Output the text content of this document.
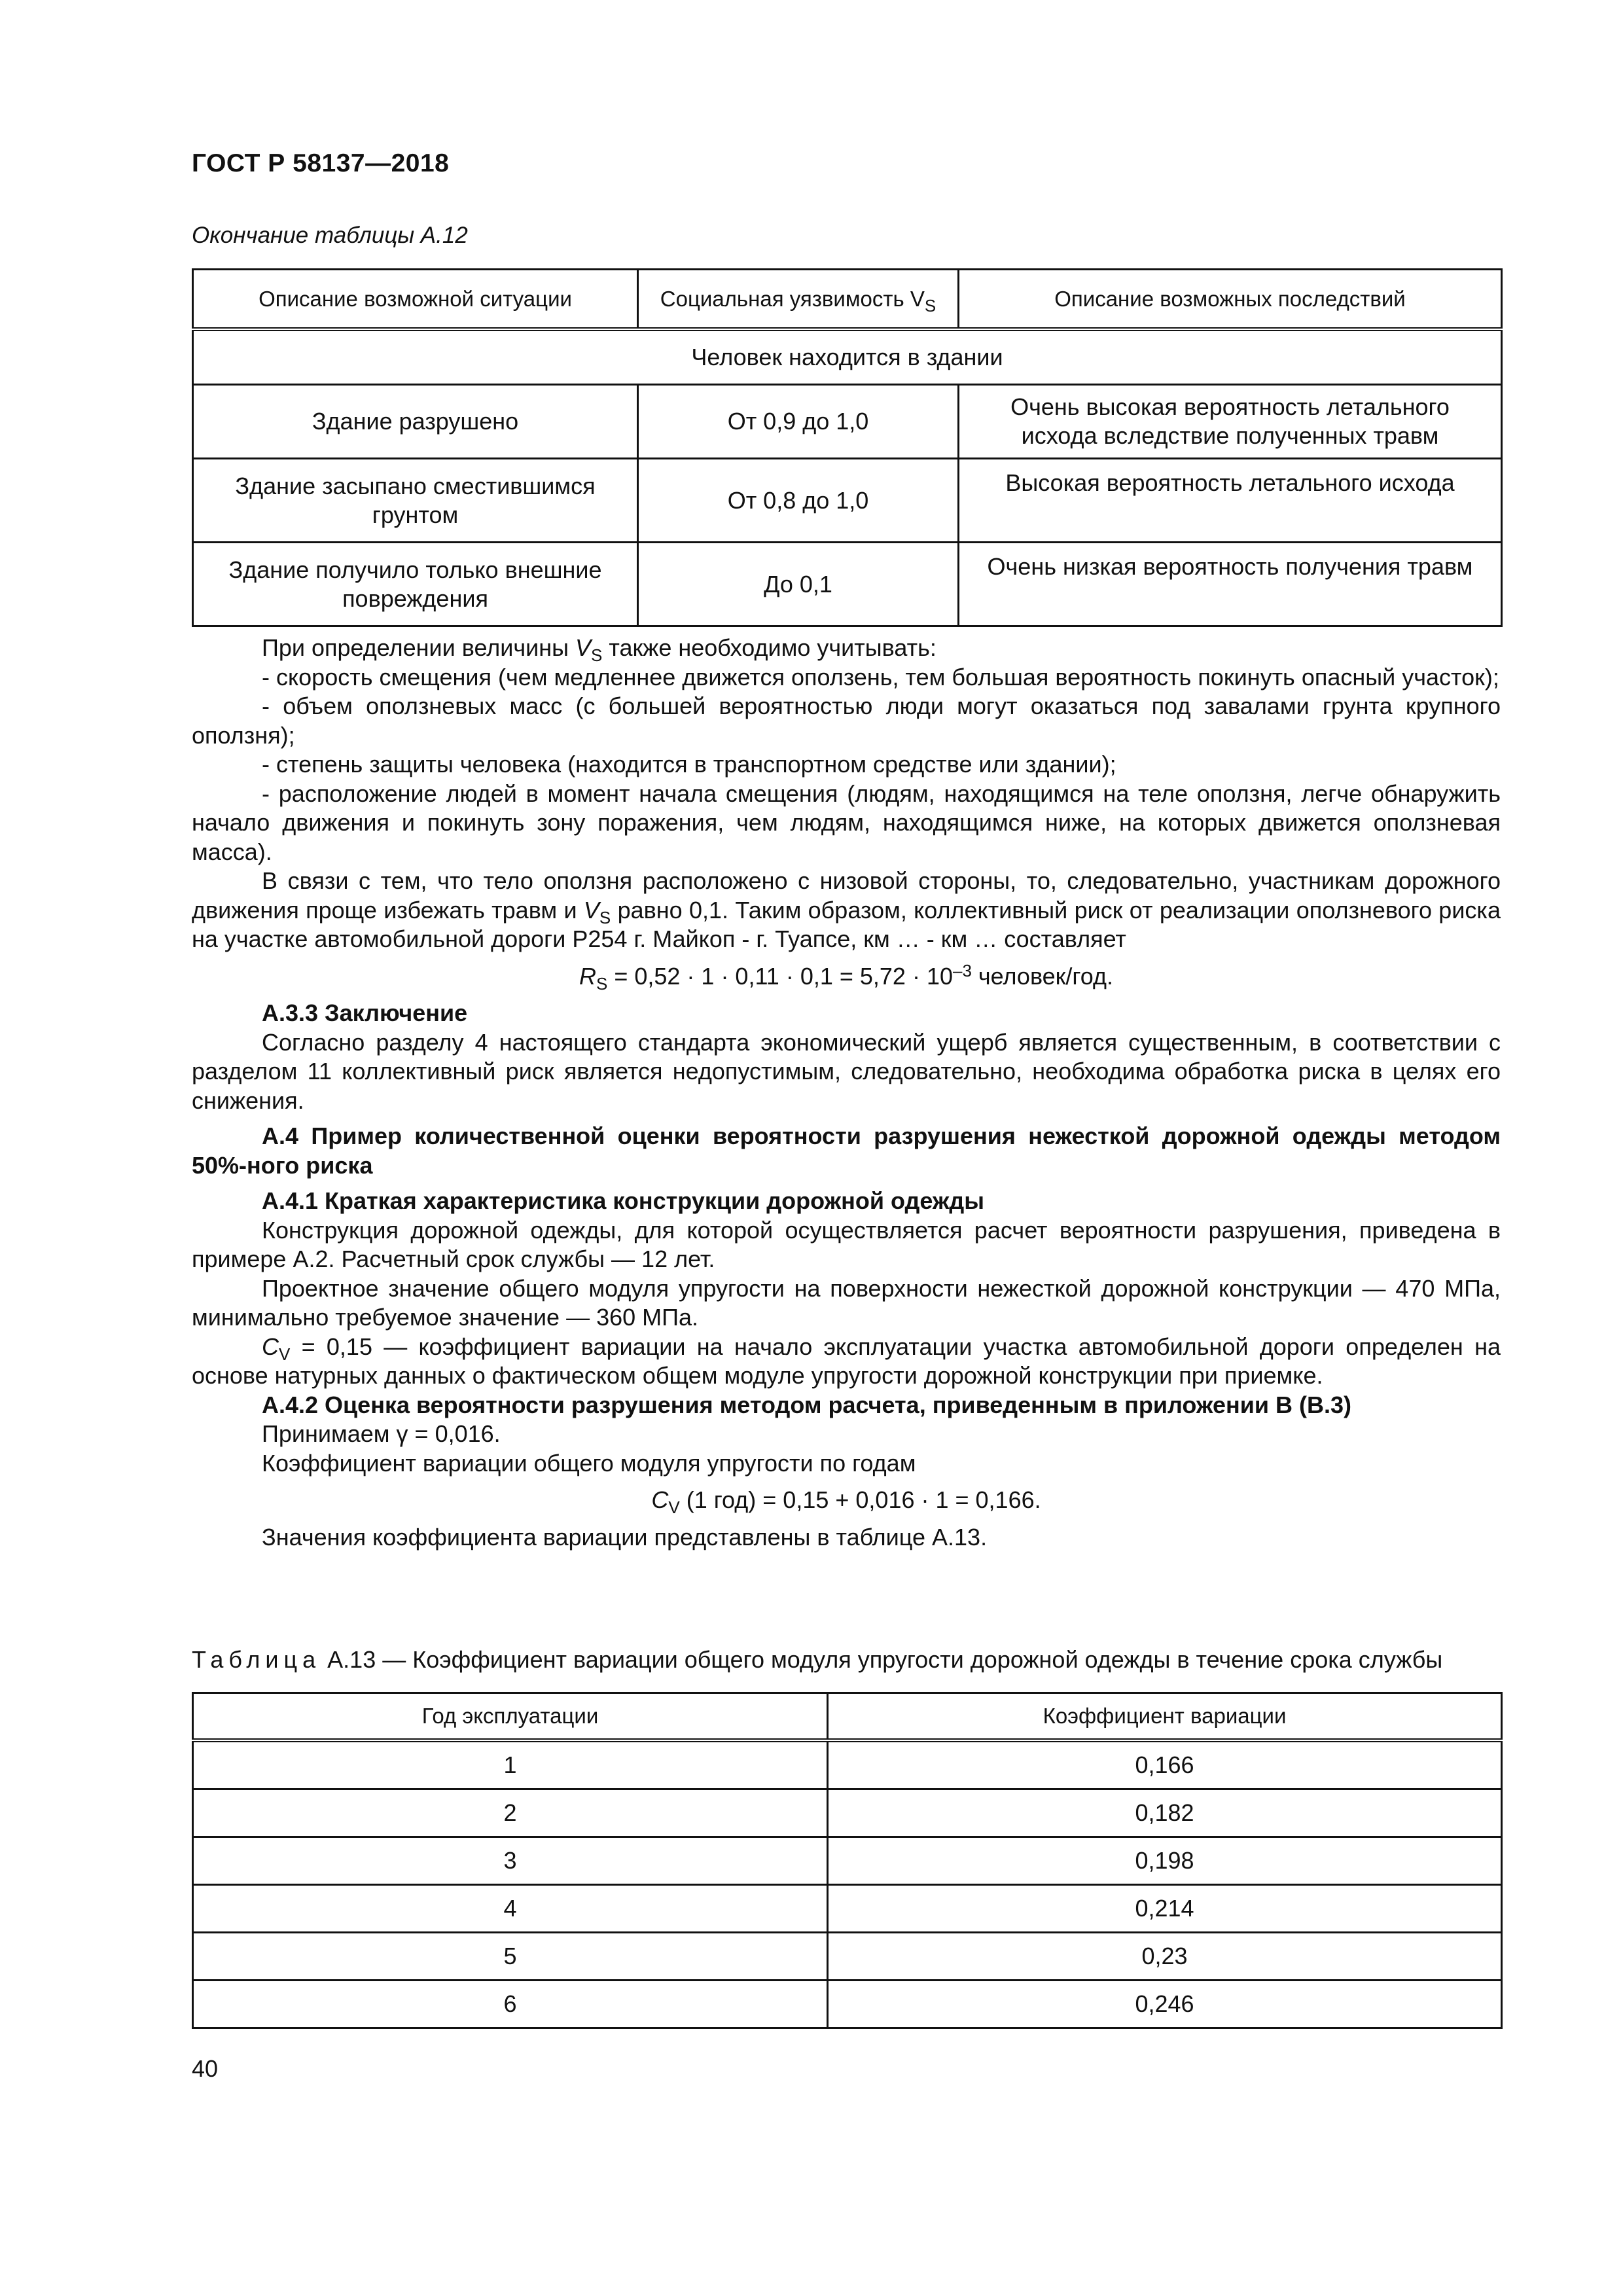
ГОСТ Р 58137—2018
Окончание таблицы А.12
Описание возможной ситуации	Социальная уязвимость $V_S$	Описание возможных последствий
Человек находится в здании		
Здание разрушено	От 0,9 до 1,0	Очень высокая вероятность летального исхода вследствие полученных травм
Здание засыпано сместившимся грунтом	От 0,8 до 1,0	Высокая вероятность летального исхода
Здание получило только внешние повреждения	До 0,1	Очень низкая вероятность получения травм

При определении величины $V_S$ также необходимо учитывать:

- скорость смещения (чем медленнее движется оползень, тем большая вероятность покинуть опасный участок);

- объем оползневых масс (с большей вероятностью люди могут оказаться под завалами грунта крупного оползня);

- степень защиты человека (находится в транспортном средстве или здании);

- расположение людей в момент начала смещения (людям, находящимся на теле оползня, легче обнаружить начало движения и покинуть зону поражения, чем людям, находящимся ниже, на которых движется оползневая масса).

В связи с тем, что тело оползня расположено с низовой стороны, то, следовательно, участникам дорожного движения проще избежать травм и $V_S$ равно 0,1. Таким образом, коллективный риск от реализации оползневого риска на участке автомобильной дороги Р254 г. Майкоп - г. Туапсе, км … - км … составляет

$R_S = 0,52 \cdot 1 \cdot 0,11 \cdot 0,1 = 5,72 \cdot 10^{-3}$ человек/год.

А.3.3 Заключение

Согласно разделу 4 настоящего стандарта экономический ущерб является существенным, в соответствии с разделом 11 коллективный риск является недопустимым, следовательно, необходима обработка риска в целях его снижения.

А.4 Пример количественной оценки вероятности разрушения нежесткой дорожной одежды методом 50%-ного риска

А.4.1 Краткая характеристика конструкции дорожной одежды

Конструкция дорожной одежды, для которой осуществляется расчет вероятности разрушения, приведена в примере А.2. Расчетный срок службы — 12 лет.

Проектное значение общего модуля упругости на поверхности нежесткой дорожной конструкции — 470 МПа, минимально требуемое значение — 360 МПа.

$C_V = 0,15$ — коэффициент вариации на начало эксплуатации участка автомобильной дороги определен на основе натурных данных о фактическом общем модуле упругости дорожной конструкции при приемке.

А.4.2 Оценка вероятности разрушения методом расчета, приведенным в приложении В (В.3)

Принимаем γ = 0,016.

Коэффициент вариации общего модуля упругости по годам

$C_V$ (1 год) = 0,15 + 0,016 · 1 = 0,166.

Значения коэффициента вариации представлены в таблице А.13.

Таблица А.13 — Коэффициент вариации общего модуля упругости дорожной одежды в течение срока службы
Год эксплуатации	Коэффициент вариации
1	0,166
2	0,182
3	0,198
4	0,214
5	0,23
6	0,246
40
